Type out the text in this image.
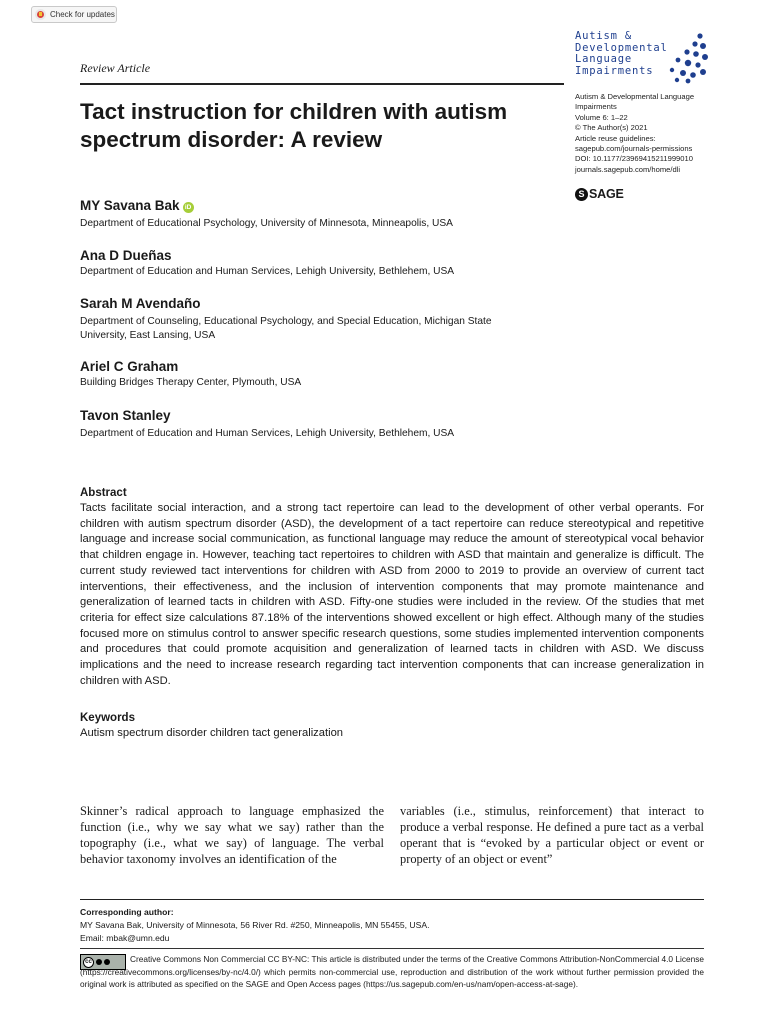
Check for updates
Review Article
Autism &
Developmental
Language
Impairments
Autism & Developmental Language
Impairments
Volume 6: 1–22
© The Author(s) 2021
Article reuse guidelines:
sagepub.com/journals-permissions
DOI: 10.1177/23969415211999010
journals.sagepub.com/home/dli
S SAGE
Tact instruction for children with autism spectrum disorder: A review
MY Savana Bak iD
Department of Educational Psychology, University of Minnesota, Minneapolis, USA
Ana D Dueñas
Department of Education and Human Services, Lehigh University, Bethlehem, USA
Sarah M Avendaño
Department of Counseling, Educational Psychology, and Special Education, Michigan State University, East Lansing, USA
Ariel C Graham
Building Bridges Therapy Center, Plymouth, USA
Tavon Stanley
Department of Education and Human Services, Lehigh University, Bethlehem, USA
Abstract
Tacts facilitate social interaction, and a strong tact repertoire can lead to the development of other verbal operants. For children with autism spectrum disorder (ASD), the development of a tact repertoire can reduce stereotypical and repetitive language and increase social communication, as functional language may reduce the amount of stereotypical vocal behavior that children engage in. However, teaching tact repertoires to children with ASD that maintain and generalize is difficult. The current study reviewed tact interventions for children with ASD from 2000 to 2019 to provide an overview of current tact interventions, their effectiveness, and the inclusion of intervention components that may promote maintenance and generalization of learned tacts in children with ASD. Fifty-one studies were included in the review. Of the studies that met criteria for effect size calculations 87.18% of the interventions showed excellent or high effect. Although many of the studies focused more on stimulus control to answer specific research questions, some studies implemented intervention components and procedures that could promote acquisition and generalization of learned tacts in children with ASD. We discuss implications and the need to increase research regarding tact intervention components that can increase generalization in children with ASD.
Keywords
Autism spectrum disorder children tact generalization
Skinner’s radical approach to language emphasized the function (i.e., why we say what we say) rather than the topography (i.e., what we say) of language. The verbal behavior taxonomy involves an identification of the
variables (i.e., stimulus, reinforcement) that interact to produce a verbal response. He defined a pure tact as a verbal operant that is “evoked by a particular object or event or property of an object or event”
Corresponding author:
MY Savana Bak, University of Minnesota, 56 River Rd. #250, Minneapolis, MN 55455, USA.
Email: mbak@umn.edu
cc	Creative Commons Non Commercial CC BY-NC: This article is distributed under the terms of the Creative Commons Attribution-NonCommercial 4.0 License (https://creativecommons.org/licenses/by-nc/4.0/) which permits non-commercial use, reproduction and distribution of the work without further permission provided the original work is attributed as specified on the SAGE and Open Access pages (https://us.sagepub.com/en-us/nam/open-access-at-sage).
